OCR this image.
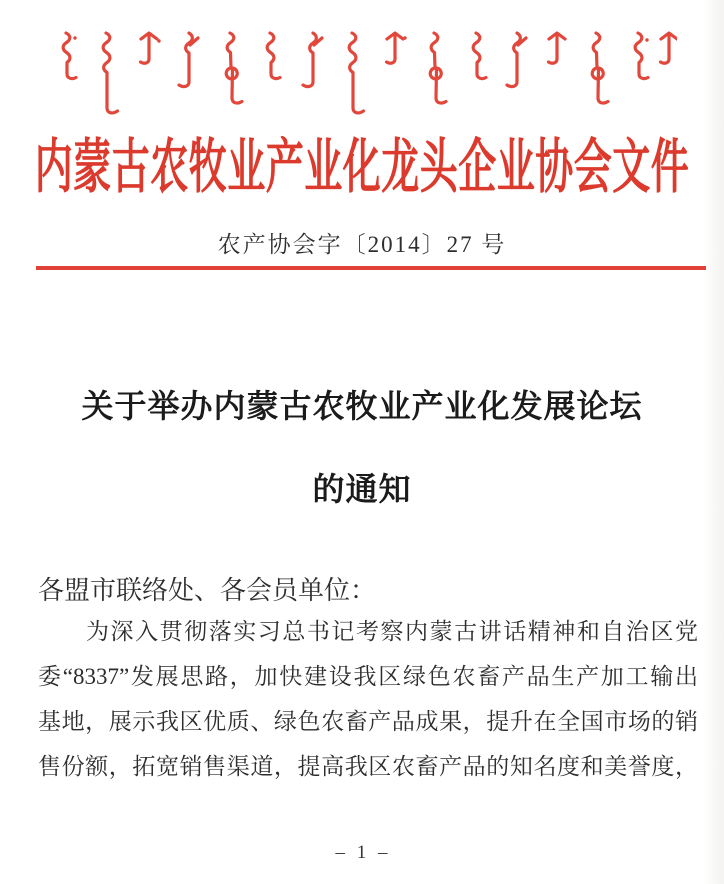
内蒙古农牧业产业化龙头企业协会文件
农产协会字〔2014〕27 号
关于举办内蒙古农牧业产业化发展论坛
的通知
各盟市联络处、各会员单位：
为深入贯彻落实习总书记考察内蒙古讲话精神和自治区党
委“8337”发展思路，加快建设我区绿色农畜产品生产加工输出
基地，展示我区优质、绿色农畜产品成果，提升在全国市场的销
售份额，拓宽销售渠道，提高我区农畜产品的知名度和美誉度，
– 1 –
